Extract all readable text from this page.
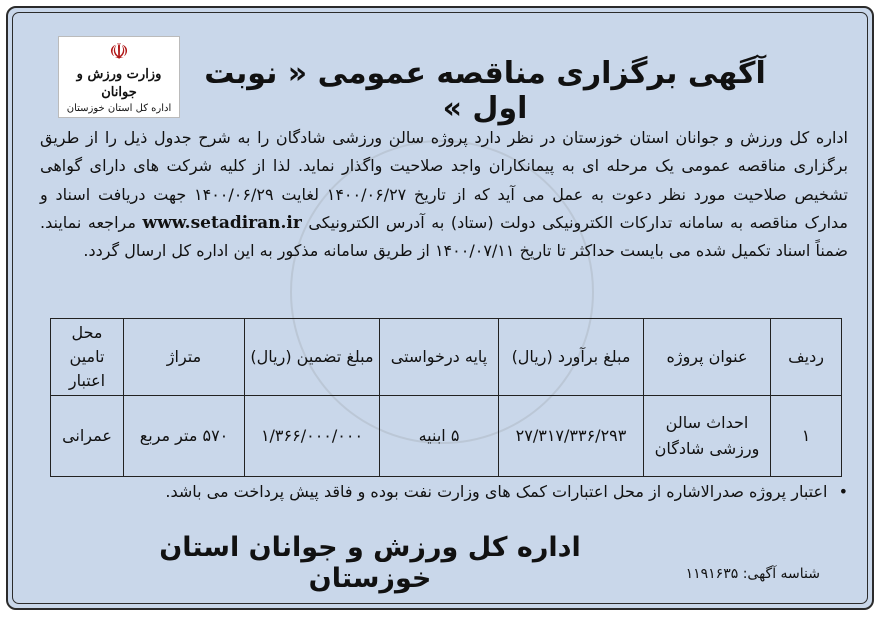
☫
وزارت ورزش و جوانان
اداره کل استان خوزستان
آگهی برگزاری مناقصه عمومی « نوبت اول »
اداره کل ورزش و جوانان استان خوزستان در نظر دارد پروژه سالن ورزشی شادگان را به شرح جدول ذیل را از طریق برگزاری مناقصه عمومی یک مرحله ای به پیمانکاران واجد صلاحیت واگذار نماید. لذا از کلیه شرکت های دارای گواهی تشخیص صلاحیت مورد نظر دعوت به عمل می آید که از تاریخ ۱۴۰۰/۰۶/۲۷ لغایت ۱۴۰۰/۰۶/۲۹ جهت دریافت اسناد و مدارک مناقصه به سامانه تدارکات الکترونیکی دولت (ستاد) به آدرس الکترونیکی www.setadiran.ir مراجعه نمایند. ضمناً اسناد تکمیل شده می بایست حداکثر تا تاریخ ۱۴۰۰/۰۷/۱۱ از طریق سامانه مذکور به این اداره کل ارسال گردد.
ردیف	عنوان پروژه	مبلغ برآورد (ریال)	پایه درخواستی	مبلغ تضمین (ریال)	متراژ	محل تامین اعتبار
۱	احداث سالن ورزشی شادگان	۲۷/۳۱۷/۳۳۶/۲۹۳	۵ ابنیه	۱/۳۶۶/۰۰۰/۰۰۰	۵۷۰ متر مربع	عمرانی
• اعتبار پروژه صدرالاشاره از محل اعتبارات کمک های وزارت نفت بوده و فاقد پیش پرداخت می باشد.
اداره کل ورزش و جوانان استان خوزستان	شناسه آگهی: ۱۱۹۱۶۳۵
